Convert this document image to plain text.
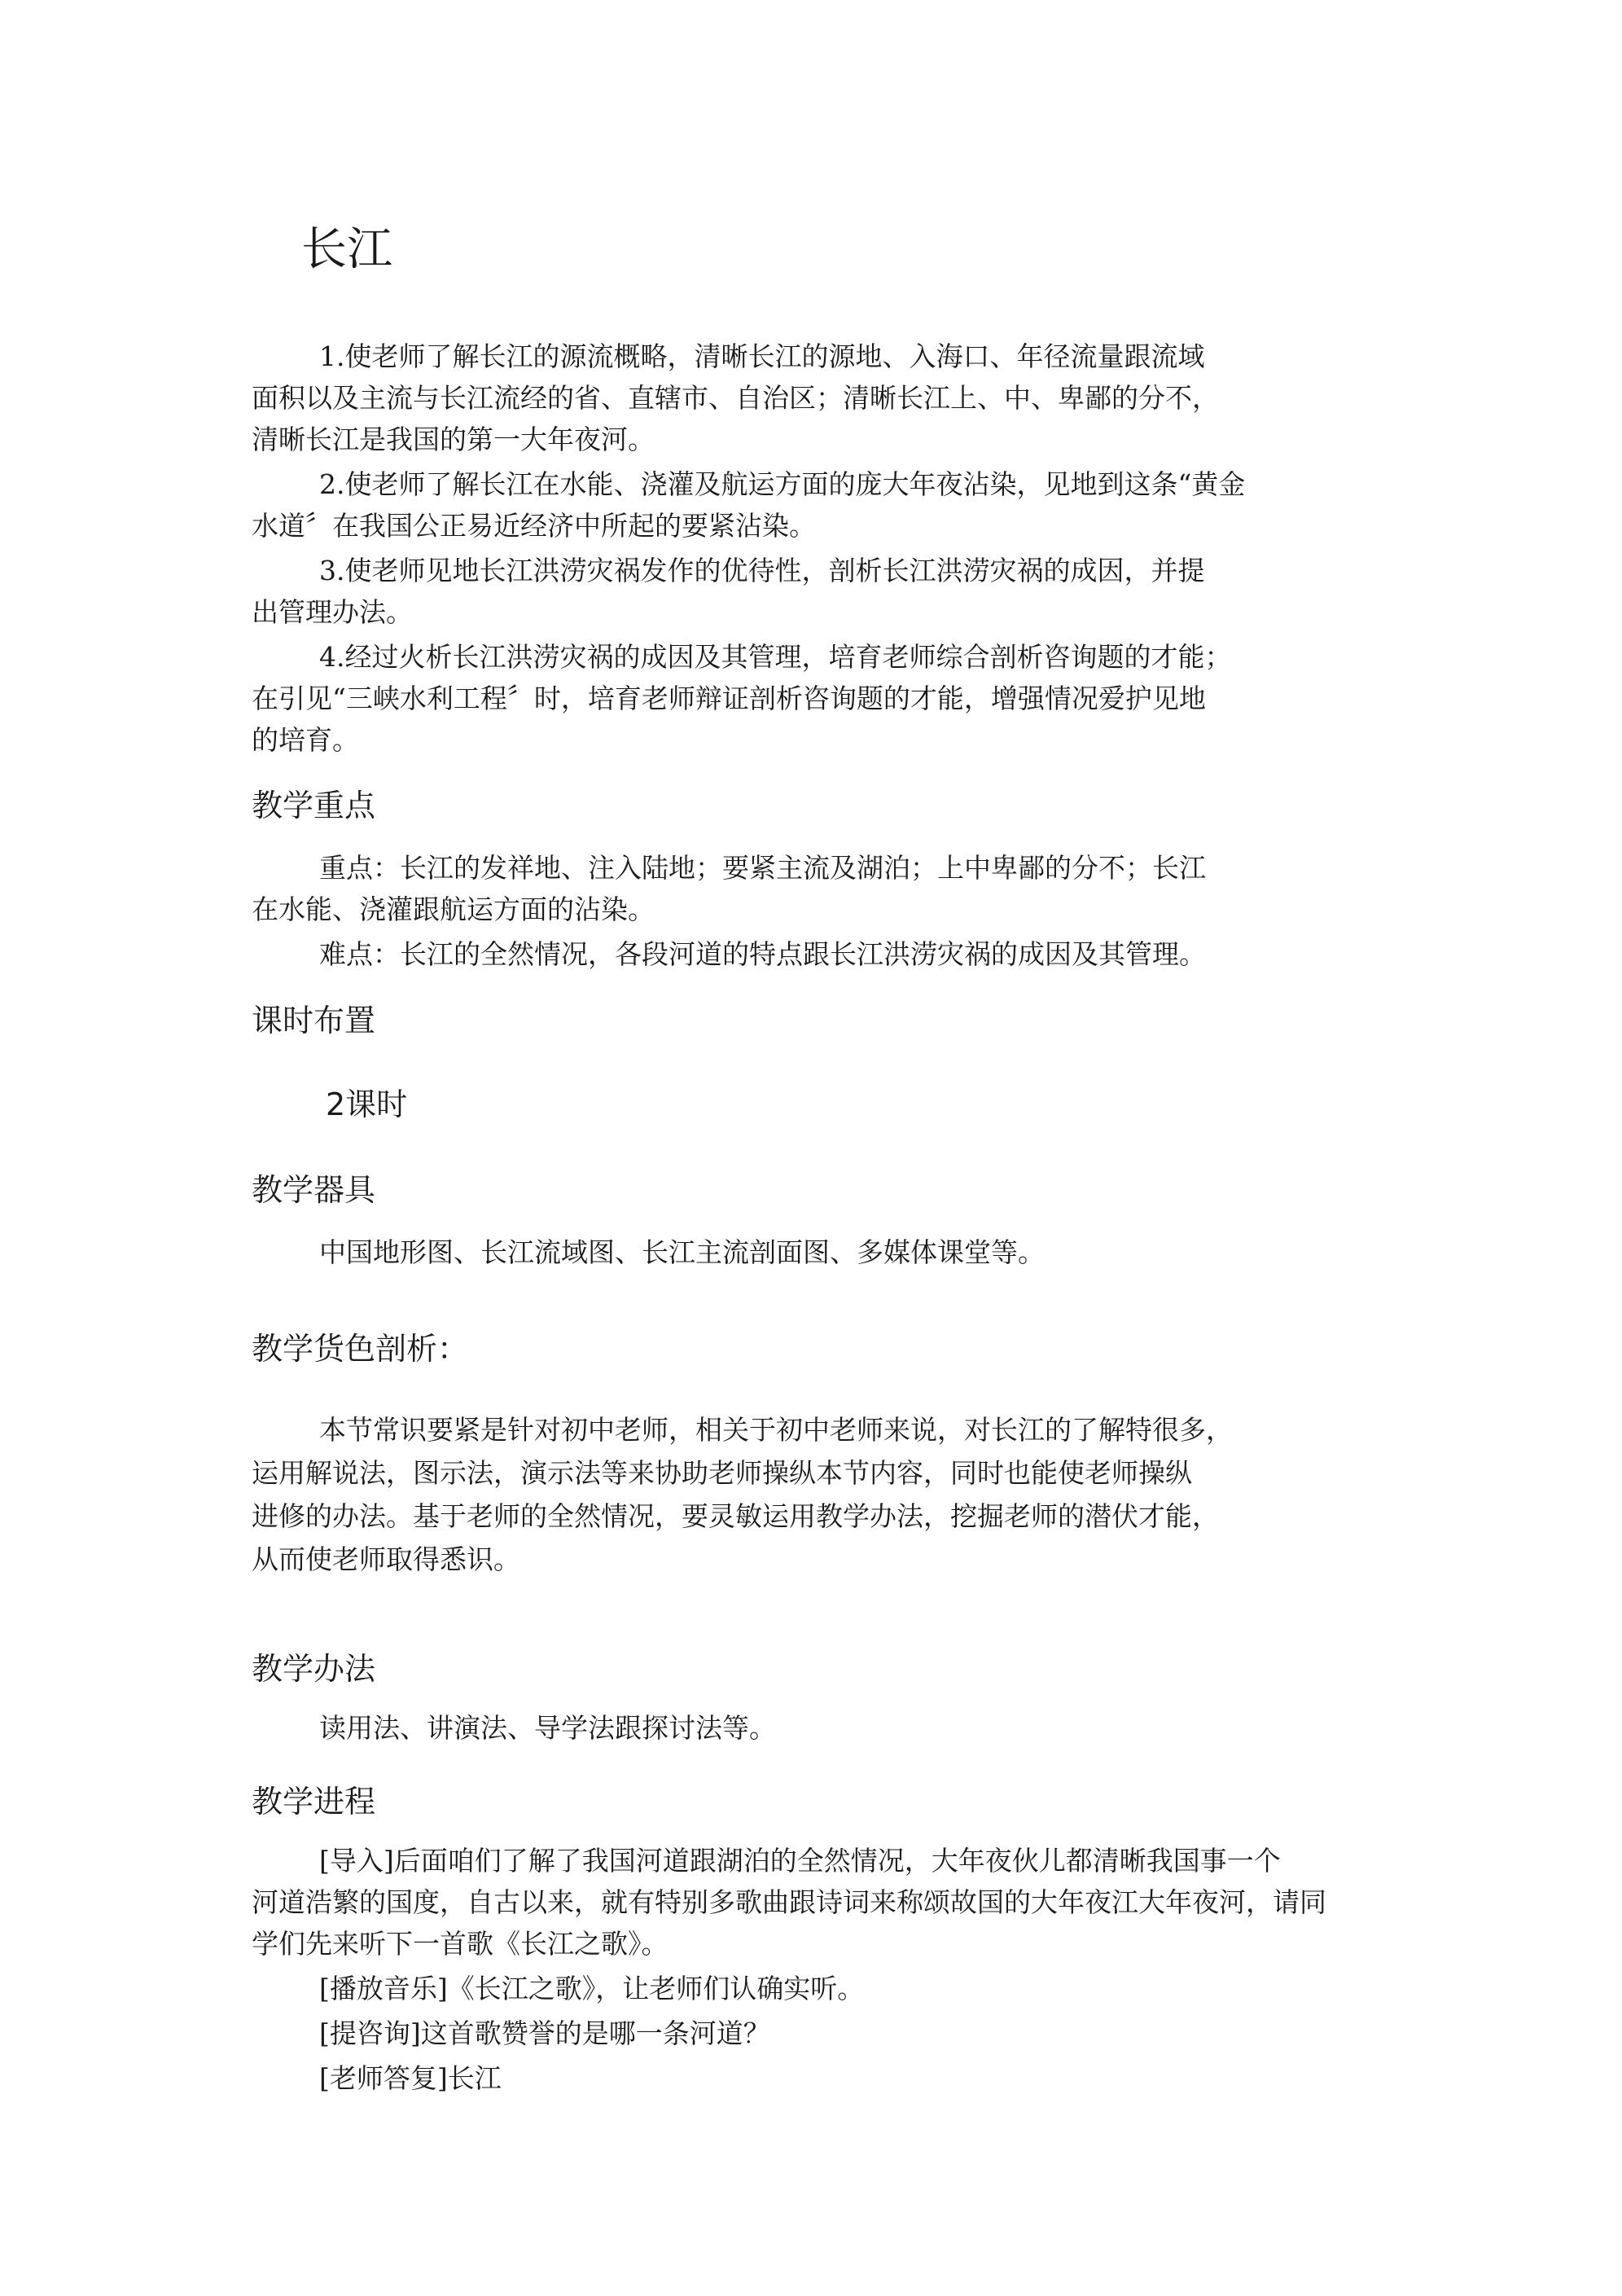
长江
1.使老师了解长江的源流概略，清晰长江的源地、入海口、年径流量跟流域
面积以及主流与长江流经的省、直辖市、自治区；清晰长江上、中、卑鄙的分不，
清晰长江是我国的第一大年夜河。
2.使老师了解长江在水能、浇灌及航运方面的庞大年夜沾染，见地到这条“黄金
水道〞在我国公正易近经济中所起的要紧沾染。
3.使老师见地长江洪涝灾祸发作的优待性，剖析长江洪涝灾祸的成因，并提
出管理办法。
4.经过火析长江洪涝灾祸的成因及其管理，培育老师综合剖析咨询题的才能；
在引见“三峡水利工程〞时，培育老师辩证剖析咨询题的才能，增强情况爱护见地
的培育。
教学重点
重点：长江的发祥地、注入陆地；要紧主流及湖泊；上中卑鄙的分不；长江
在水能、浇灌跟航运方面的沾染。
难点：长江的全然情况，各段河道的特点跟长江洪涝灾祸的成因及其管理。
课时布置
2课时
教学器具
中国地形图、长江流域图、长江主流剖面图、多媒体课堂等。
教学货色剖析：
本节常识要紧是针对初中老师，相关于初中老师来说，对长江的了解特很多，
运用解说法，图示法，演示法等来协助老师操纵本节内容，同时也能使老师操纵
进修的办法。基于老师的全然情况，要灵敏运用教学办法，挖掘老师的潜伏才能，
从而使老师取得悉识。
教学办法
读用法、讲演法、导学法跟探讨法等。
教学进程
[导入]后面咱们了解了我国河道跟湖泊的全然情况，大年夜伙儿都清晰我国事一个
河道浩繁的国度，自古以来，就有特别多歌曲跟诗词来称颂故国的大年夜江大年夜河，请同
学们先来听下一首歌《长江之歌》。
[播放音乐]《长江之歌》，让老师们认确实听。
[提咨询]这首歌赞誉的是哪一条河道？
[老师答复]长江
